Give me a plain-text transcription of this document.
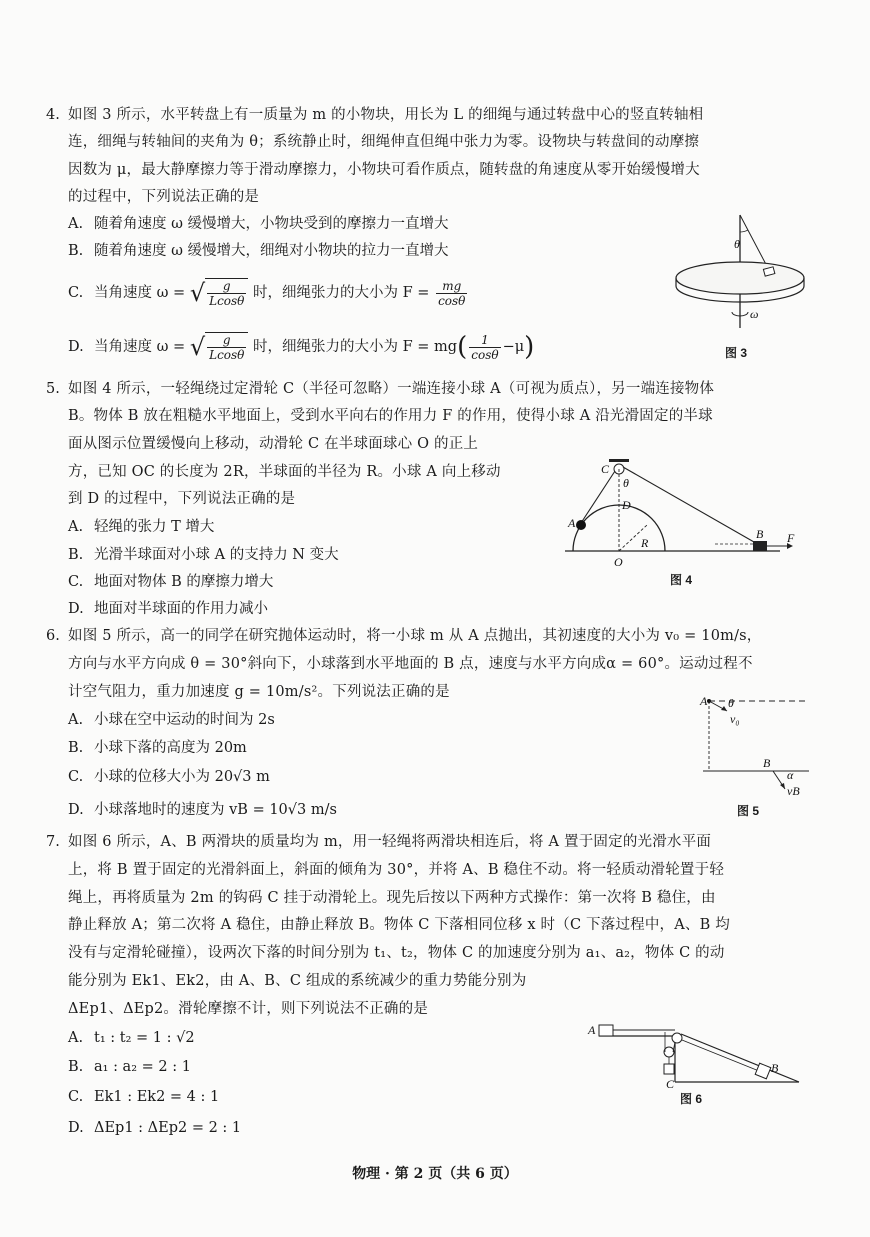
4. 如图 3 所示，水平转盘上有一质量为 m 的小物块，用长为 L 的细绳与通过转盘中心的竖直转轴相
连，细绳与转轴间的夹角为 θ；系统静止时，细绳伸直但绳中张力为零。设物块与转盘间的动摩擦
因数为 μ，最大静摩擦力等于滑动摩擦力，小物块可看作质点，随转盘的角速度从零开始缓慢增大
的过程中，下列说法正确的是
A. 随着角速度 ω 缓慢增大，小物块受到的摩擦力一直增大
B. 随着角速度 ω 缓慢增大，细绳对小物块的拉力一直增大
C. 当角速度 ω = √ $\frac{g}{Lcos\theta}$ 时，细绳张力的大小为 $F = \frac{mg}{\cos\theta}$
D. 当角速度 ω = √ $\frac{g}{Lcos\theta}$ 时，细绳张力的大小为 $F = mg( \frac{1}{\cos\theta} -\mu)$
θ
ω
图 3
5. 如图 4 所示，一轻绳绕过定滑轮 C（半径可忽略）一端连接小球 A（可视为质点），另一端连接物体
B。物体 B 放在粗糙水平地面上，受到水平向右的作用力 F 的作用，使得小球 A 沿光滑固定的半球
面从图示位置缓慢向上移动，动滑轮 C 在半球面球心 O 的正上
方，已知 OC 的长度为 2R，半球面的半径为 R。小球 A 向上移动
到 D 的过程中，下列说法正确的是
A. 轻绳的张力 T 增大
B. 光滑半球面对小球 A 的支持力 N 变大
C. 地面对物体 B 的摩擦力增大
D. 地面对半球面的作用力减小
C
θ
D
A
R
O
B F
图 4
6. 如图 5 所示，高一的同学在研究抛体运动时，将一小球 m 从 A 点抛出，其初速度的大小为 v₀ = 10m/s，
方向与水平方向成 θ = 30°斜向下，小球落到水平地面的 B 点，速度与水平方向成α = 60°。运动过程不
计空气阻力，重力加速度 g = 10m/s²。下列说法正确的是
A. 小球在空中运动的时间为 2s
B. 小球下落的高度为 20m
C. 小球的位移大小为 20√3 m
D. 小球落地时的速度为 vB = 10√3 m/s
A θ
v₀
B
α
vB
图 5
7. 如图 6 所示，A、B 两滑块的质量均为 m，用一轻绳将两滑块相连后，将 A 置于固定的光滑水平面
上，将 B 置于固定的光滑斜面上，斜面的倾角为 30°，并将 A、B 稳住不动。将一轻质动滑轮置于轻
绳上，再将质量为 2m 的钩码 C 挂于动滑轮上。现先后按以下两种方式操作：第一次将 B 稳住，由
静止释放 A；第二次将 A 稳住，由静止释放 B。物体 C 下落相同位移 x 时（C 下落过程中，A、B 均
没有与定滑轮碰撞），设两次下落的时间分别为 t₁、t₂，物体 C 的加速度分别为 a₁、a₂，物体 C 的动
能分别为 Ek1、Ek2，由 A、B、C 组成的系统减少的重力势能分别为
ΔEp1、ΔEp2。滑轮摩擦不计，则下列说法不正确的是
A. t₁ : t₂ = 1 : √2
B. a₁ : a₂ = 2 : 1
C. Ek1 : Ek2 = 4 : 1
D. ΔEp1 : ΔEp2 = 2 : 1
A
C
B
图 6
物理 · 第 2 页（共 6 页）
